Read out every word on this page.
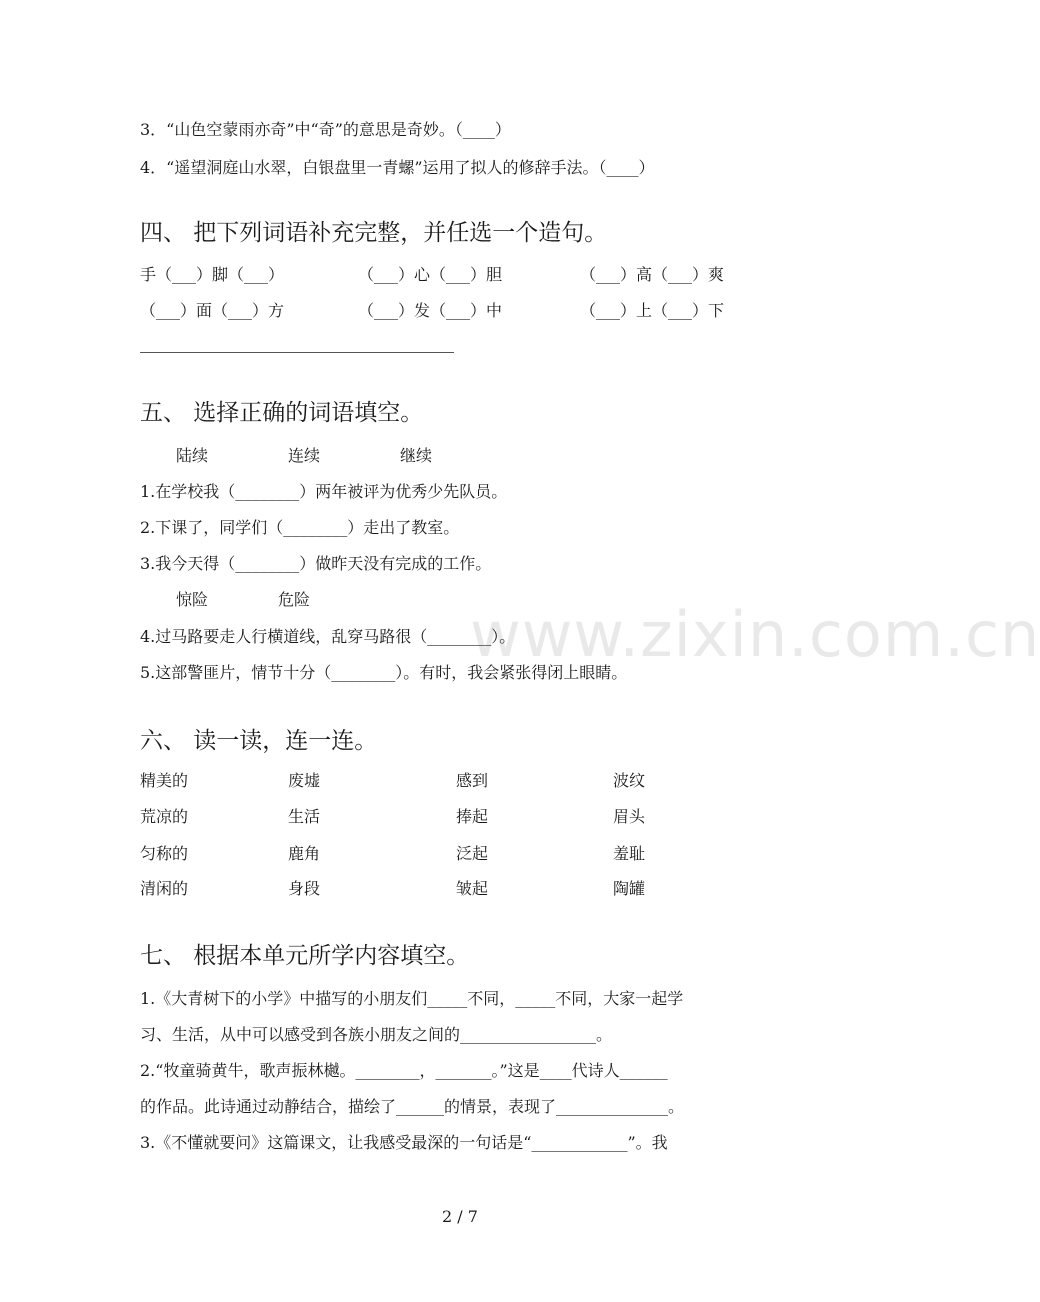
www.zixin.com.cn
3．“山色空蒙雨亦奇”中“奇”的意思是奇妙。（____）
4．“遥望洞庭山水翠，白银盘里一青螺”运用了拟人的修辞手法。（____）
四、 把下列词语补充完整，并任选一个造句。
手（___）脚（___）	（___）心（___）胆	（___）高（___）爽
（___）面（___）方	（___）发（___）中	（___）上（___）下
五、 选择正确的词语填空。
陆续	连续	继续
1.在学校我（________）两年被评为优秀少先队员。
2.下课了，同学们（________）走出了教室。
3.我今天得（________）做昨天没有完成的工作。
惊险	危险
4.过马路要走人行横道线，乱穿马路很（________）。
5.这部警匪片，情节十分（________）。有时，我会紧张得闭上眼睛。
六、 读一读，连一连。
精美的	废墟	感到	波纹
荒凉的	生活	捧起	眉头
匀称的	鹿角	泛起	羞耻
清闲的	身段	皱起	陶罐
七、 根据本单元所学内容填空。
1.《大青树下的小学》中描写的小朋友们_____不同，_____不同，大家一起学
习、生活，从中可以感受到各族小朋友之间的_________________。
2.“牧童骑黄牛，歌声振林樾。________，_______。”这是____代诗人______
的作品。此诗通过动静结合，描绘了______的情景，表现了______________。
3.《不懂就要问》这篇课文，让我感受最深的一句话是“____________”。我
2 / 7
